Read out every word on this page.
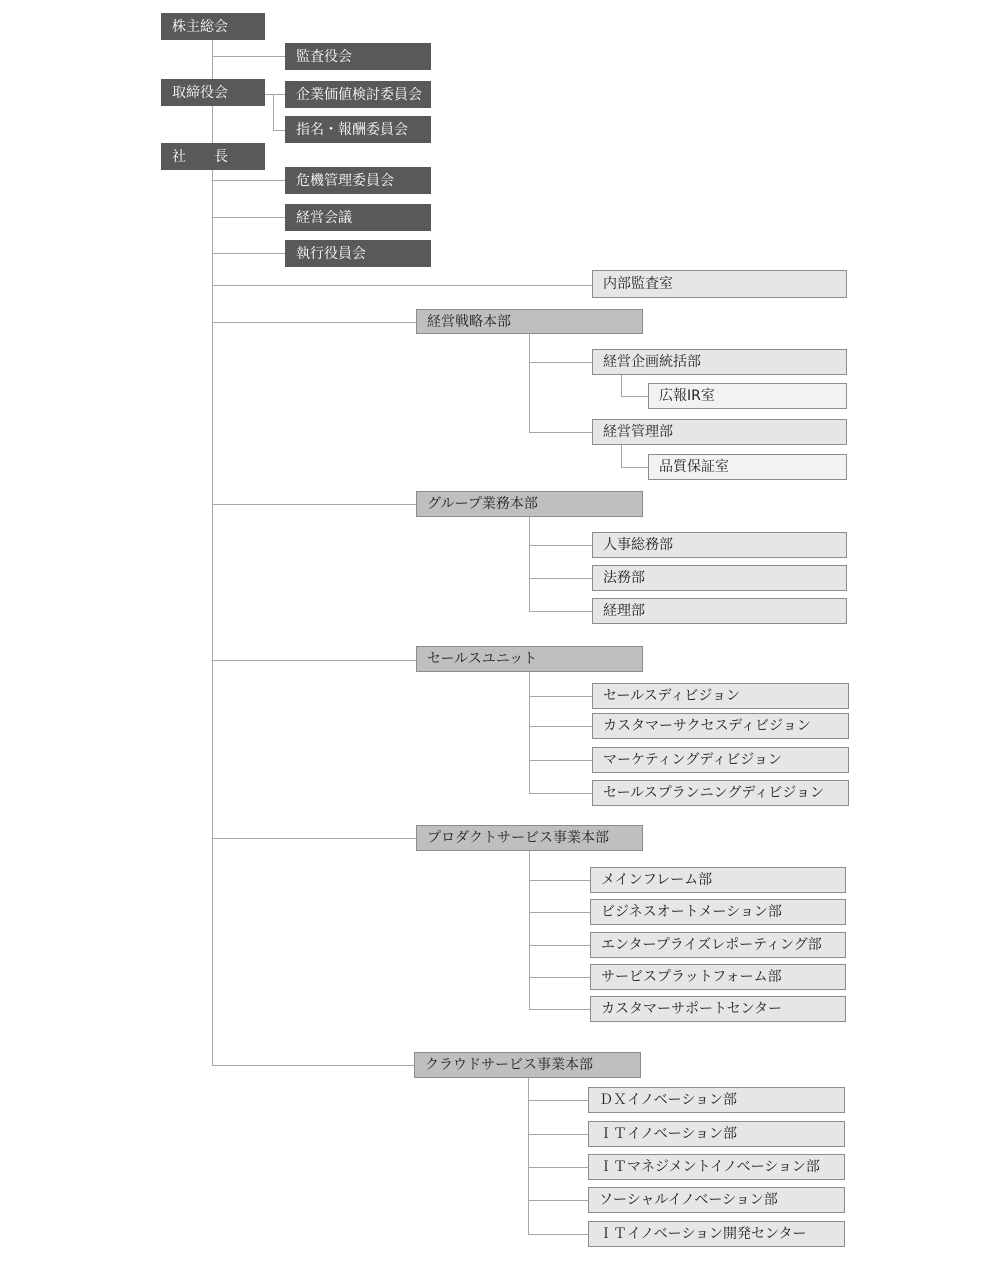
株主総会
監査役会
取締役会	企業価値検討委員会
指名・報酬委員会
社　　長
危機管理委員会
経営会議
執行役員会
内部監査室
経営戦略本部
経営企画統括部
広報IR室
経営管理部
品質保証室
グループ業務本部
人事総務部
法務部
経理部
セールスユニット
セールスディビジョン
カスタマーサクセスディビジョン
マーケティングディビジョン
セールスプランニングディビジョン
プロダクトサービス事業本部
メインフレーム部
ビジネスオートメーション部
エンタープライズレポーティング部
サービスプラットフォーム部
カスタマーサポートセンター
クラウドサービス事業本部
ＤＸイノベーション部
ＩＴイノベーション部
ＩＴマネジメントイノベーション部
ソーシャルイノベーション部
ＩＴイノベーション開発センター
